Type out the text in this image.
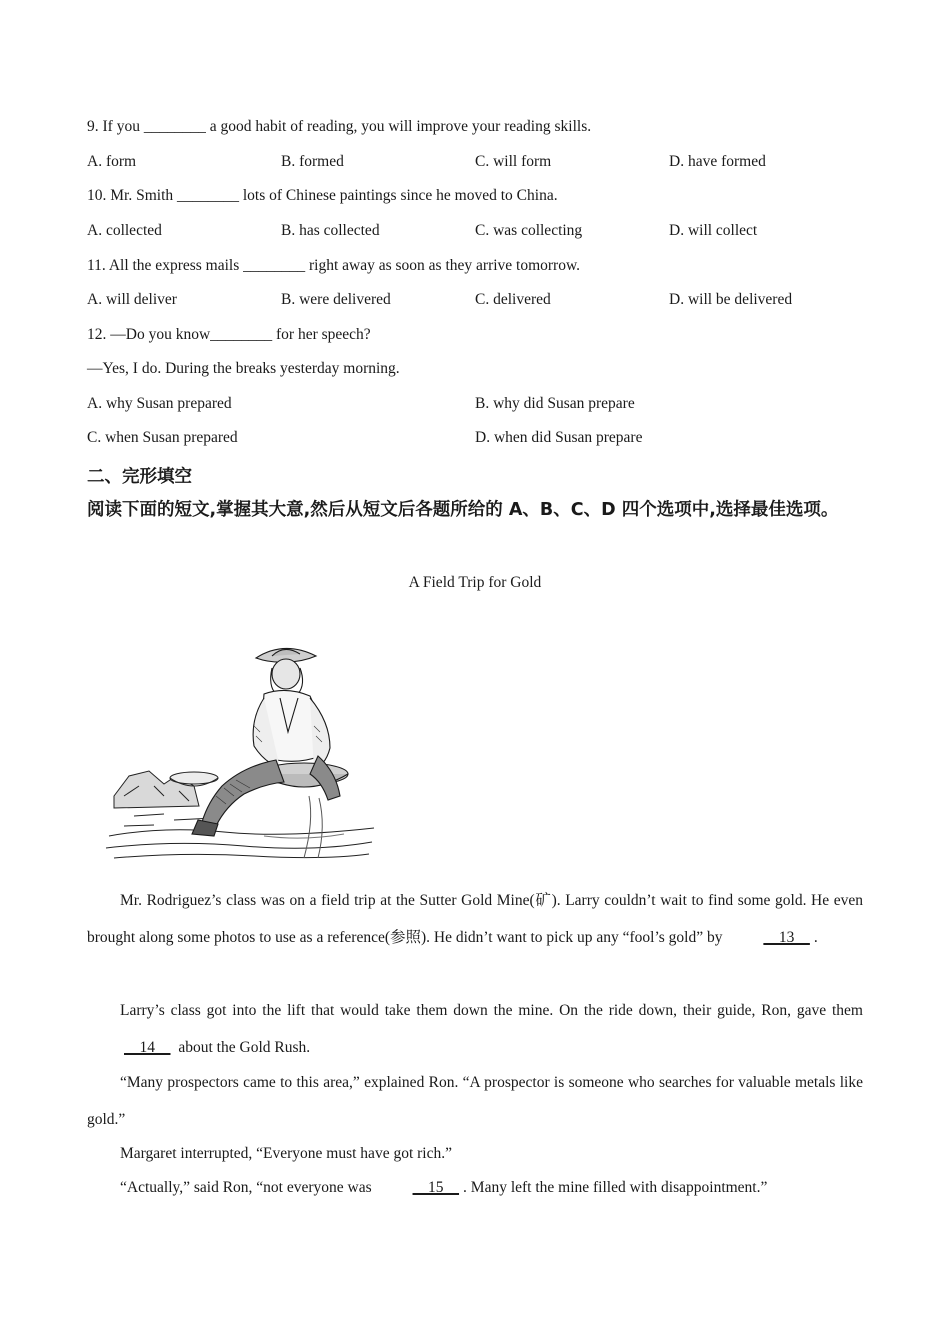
9. If you ________ a good habit of reading, you will improve your reading skills.
A. form	B. formed	C. will form	D. have formed
10. Mr. Smith ________ lots of Chinese paintings since he moved to China.
A. collected	B. has collected	C. was collecting	D. will collect
11. All the express mails ________ right away as soon as they arrive tomorrow.
A. will deliver	B. were delivered	C. delivered	D. will be delivered
12. —Do you know________ for her speech?
—Yes, I do. During the breaks yesterday morning.
A. why Susan prepared	B. why did Susan prepare
C. when Susan prepared	D. when did Susan prepare
二、完形填空
阅读下面的短文,掌握其大意,然后从短文后各题所给的 A、B、C、D 四个选项中,选择最佳选项。
A Field Trip for Gold
Mr. Rodriguez’s class was on a field trip at the Sutter Gold Mine(矿). Larry couldn’t wait to find some gold. He even brought along some photos to use as a reference(参照). He didn’t want to pick up any “fool’s gold” by   13  .
Larry’s class got into the lift that would take them down the mine. On the ride down, their guide, Ron, gave them   14   about the Gold Rush.
“Many prospectors came to this area,” explained Ron. “A prospector is someone who searches for valuable metals like gold.”
Margaret interrupted, “Everyone must have got rich.”
“Actually,” said Ron, “not everyone was   15  . Many left the mine filled with disappointment.”
